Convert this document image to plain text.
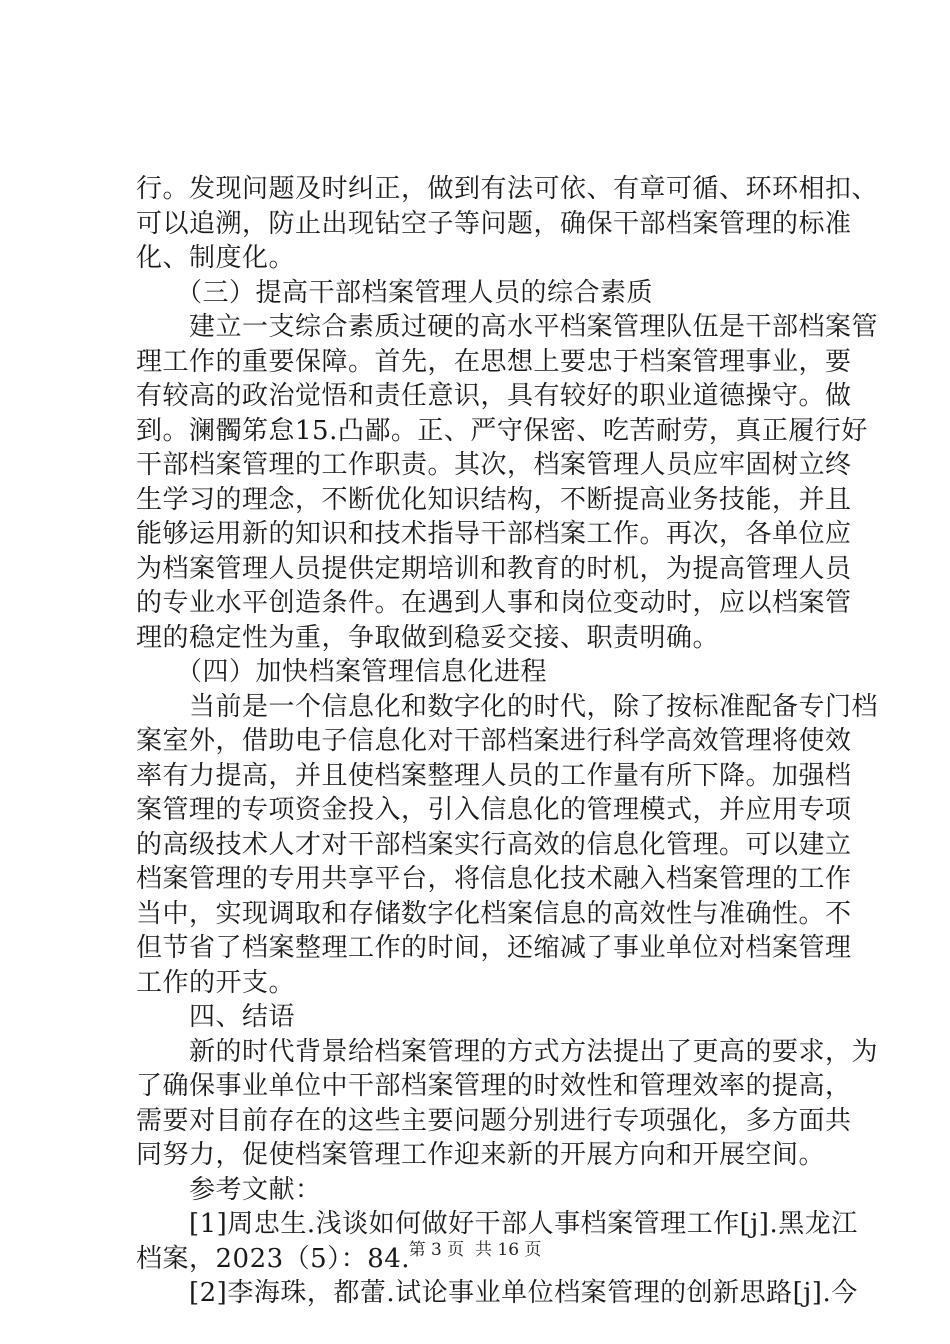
行。发现问题及时纠正，做到有法可依、有章可循、环环相扣、
可以追溯，防止出现钻空子等问题，确保干部档案管理的标准
化、制度化。
　　（三）提高干部档案管理人员的综合素质
　　建立一支综合素质过硬的高水平档案管理队伍是干部档案管
理工作的重要保障。首先，在思想上要忠于档案管理事业，要
有较高的政治觉悟和责任意识，具有较好的职业道德操守。做
到。澜髑笫怠15.凸鄙。正、严守保密、吃苦耐劳，真正履行好
干部档案管理的工作职责。其次，档案管理人员应牢固树立终
生学习的理念，不断优化知识结构，不断提高业务技能，并且
能够运用新的知识和技术指导干部档案工作。再次，各单位应
为档案管理人员提供定期培训和教育的时机，为提高管理人员
的专业水平创造条件。在遇到人事和岗位变动时，应以档案管
理的稳定性为重，争取做到稳妥交接、职责明确。
　　（四）加快档案管理信息化进程
　　当前是一个信息化和数字化的时代，除了按标准配备专门档
案室外，借助电子信息化对干部档案进行科学高效管理将使效
率有力提高，并且使档案整理人员的工作量有所下降。加强档
案管理的专项资金投入，引入信息化的管理模式，并应用专项
的高级技术人才对干部档案实行高效的信息化管理。可以建立
档案管理的专用共享平台，将信息化技术融入档案管理的工作
当中，实现调取和存储数字化档案信息的高效性与准确性。不
但节省了档案整理工作的时间，还缩减了事业单位对档案管理
工作的开支。
　　四、结语
　　新的时代背景给档案管理的方式方法提出了更高的要求，为
了确保事业单位中干部档案管理的时效性和管理效率的提高，
需要对目前存在的这些主要问题分别进行专项强化，多方面共
同努力，促使档案管理工作迎来新的开展方向和开展空间。
　　参考文献：
　　[1]周忠生.浅谈如何做好干部人事档案管理工作[j].黑龙江
档案，2023（5）：84.
　　[2]李海珠，都蕾.试论事业单位档案管理的创新思路[j].今
第 3 页  共 16 页
